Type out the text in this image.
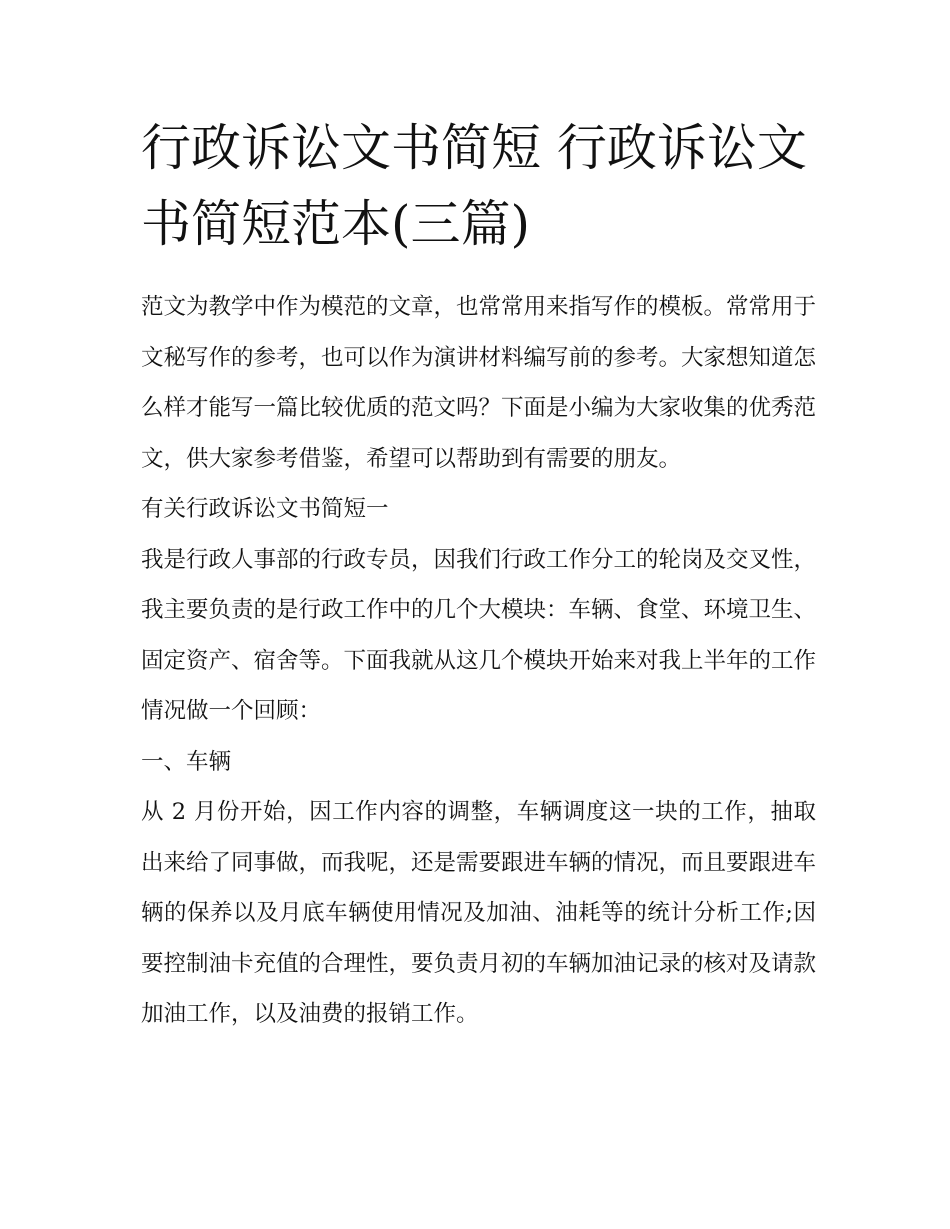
行政诉讼文书简短 行政诉讼文书简短范本(三篇)

范文为教学中作为模范的文章，也常常用来指写作的模板。常常用于文秘写作的参考，也可以作为演讲材料编写前的参考。大家想知道怎么样才能写一篇比较优质的范文吗？下面是小编为大家收集的优秀范文，供大家参考借鉴，希望可以帮助到有需要的朋友。

有关行政诉讼文书简短一

我是行政人事部的行政专员，因我们行政工作分工的轮岗及交叉性，我主要负责的是行政工作中的几个大模块：车辆、食堂、环境卫生、固定资产、宿舍等。下面我就从这几个模块开始来对我上半年的工作情况做一个回顾：

一、车辆

从 2 月份开始，因工作内容的调整，车辆调度这一块的工作，抽取出来给了同事做，而我呢，还是需要跟进车辆的情况，而且要跟进车辆的保养以及月底车辆使用情况及加油、油耗等的统计分析工作;因要控制油卡充值的合理性，要负责月初的车辆加油记录的核对及请款加油工作，以及油费的报销工作。
